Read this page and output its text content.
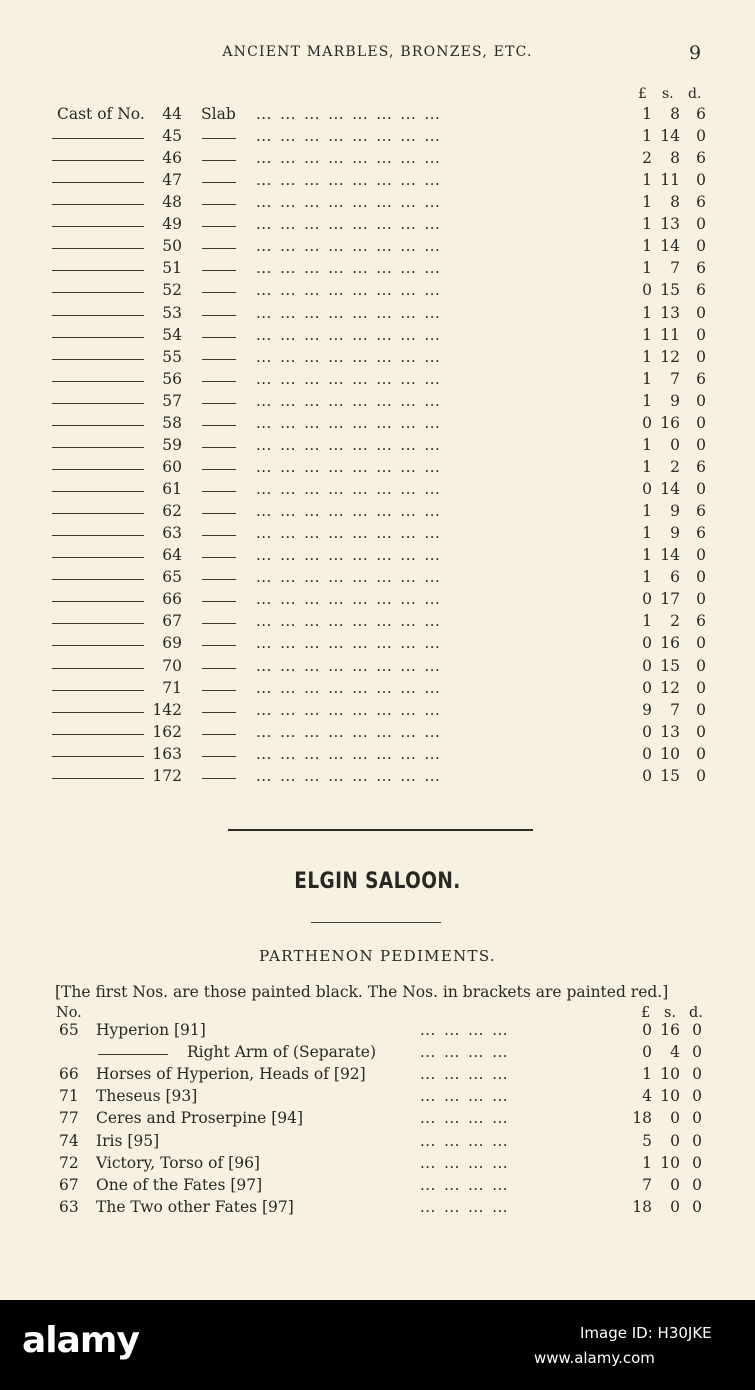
ANCIENT MARBLES, BRONZES, ETC.	9
£ s. d.
Cast of No.	44 Slab ... ... ... ... ... ... ... ...	1	8	6
45	... ... ... ... ... ... ... ...	1 14	0
46	... ... ... ... ... ... ... ...	2	8	6
47	... ... ... ... ... ... ... ...	1 11	0
48	... ... ... ... ... ... ... ...	1	8	6
49	... ... ... ... ... ... ... ...	1 13	0
50	... ... ... ... ... ... ... ...	1 14	0
51	... ... ... ... ... ... ... ...	1	7	6
52	... ... ... ... ... ... ... ...	0 15	6
53	... ... ... ... ... ... ... ...	1 13	0
54	... ... ... ... ... ... ... ...	1 11	0
55	... ... ... ... ... ... ... ...	1 12	0
56	... ... ... ... ... ... ... ...	1	7	6
57	... ... ... ... ... ... ... ...	1	9	0
58	... ... ... ... ... ... ... ...	0 16	0
59	... ... ... ... ... ... ... ...	1	0	0
60	... ... ... ... ... ... ... ...	1	2	6
61	... ... ... ... ... ... ... ...	0 14	0
62	... ... ... ... ... ... ... ...	1	9	6
63	... ... ... ... ... ... ... ...	1	9	6
64	... ... ... ... ... ... ... ...	1 14	0
65	... ... ... ... ... ... ... ...	1	6	0
66	... ... ... ... ... ... ... ...	0 17	0
67	... ... ... ... ... ... ... ...	1	2	6
69	... ... ... ... ... ... ... ...	0 16	0
70	... ... ... ... ... ... ... ...	0 15	0
71	... ... ... ... ... ... ... ...	0 12	0
142	... ... ... ... ... ... ... ...	9	7	0
162	... ... ... ... ... ... ... ...	0 13	0
163	... ... ... ... ... ... ... ...	0 10	0
172	... ... ... ... ... ... ... ...	0 15	0
ELGIN SALOON.
PARTHENON PEDIMENTS.
[The first Nos. are those painted black. The Nos. in brackets are painted red.]
No.	£ s. d.
65 Hyperion [91]	... ... ... ...	0 16 0
Right Arm of (Separate)	... ... ... ...	0	4 0
66 Horses of Hyperion, Heads of [92]	... ... ... ...	1 10 0
71 Theseus [93]	... ... ... ...	4 10 0
77 Ceres and Proserpine [94]	... ... ... ...	18	0 0
74 Iris [95]	... ... ... ...	5	0 0
72 Victory, Torso of [96]	... ... ... ...	1 10 0
67 One of the Fates [97]	... ... ... ...	7	0 0
63 The Two other Fates [97]	... ... ... ...	18	0 0
alamy	Image ID: H30JKE
www.alamy.com
